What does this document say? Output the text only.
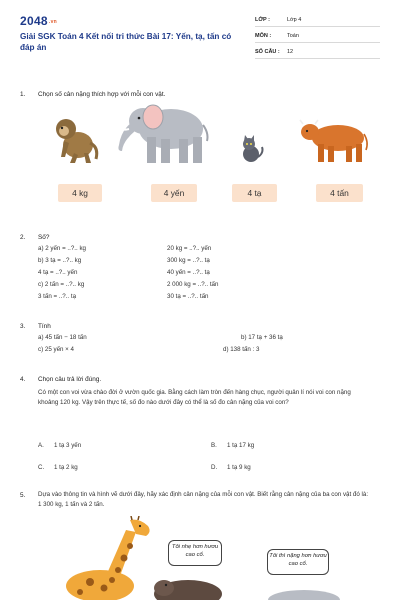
2048.vn
Giải SGK Toán 4 Kết nối tri thức Bài 17: Yến, tạ, tấn có đáp án
LỚP :	Lớp 4
MÔN :	Toán
SỐ CÂU : 12
1. Chọn số cân nặng thích hợp với mỗi con vật.
4 kg	4 yến	4 tạ	4 tấn
2. Số?
a) 2 yến = ..?.. kg
b) 3 tạ = ..?.. kg
4 tạ = ..?.. yến
c) 2 tấn = ..?.. kg
3 tấn = ..?.. tạ
20 kg = ..?.. yến
300 kg = ..?.. tạ
40 yến = ..?.. tạ
2 000 kg = ..?.. tấn
30 tạ = ..?.. tấn
3. Tính
a) 45 tấn − 18 tấn	b) 17 tạ + 36 tạ
c) 25 yến × 4	d) 138 tấn : 3
4. Chọn câu trả lời đúng.
Có một con voi vừa chào đời ở vườn quốc gia. Bằng cách làm tròn đến hàng chục, người quản lí nói voi con nặng khoảng 120 kg. Vậy trên thực tế, số đo nào dưới đây có thể là số đo cân nặng của voi con?
A. 1 tạ 3 yến	B. 1 tạ 17 kg
C. 1 tạ 2 kg	D. 1 tạ 9 kg
5. Dựa vào thông tin và hình vẽ dưới đây, hãy xác định cân nặng của mỗi con vật. Biết rằng cân nặng của ba con vật đó là: 1 300 kg, 1 tấn và 2 tấn.
Tôi nhẹ hơn hươu cao cổ.	Tôi thì nặng hơn hươu cao cổ.
